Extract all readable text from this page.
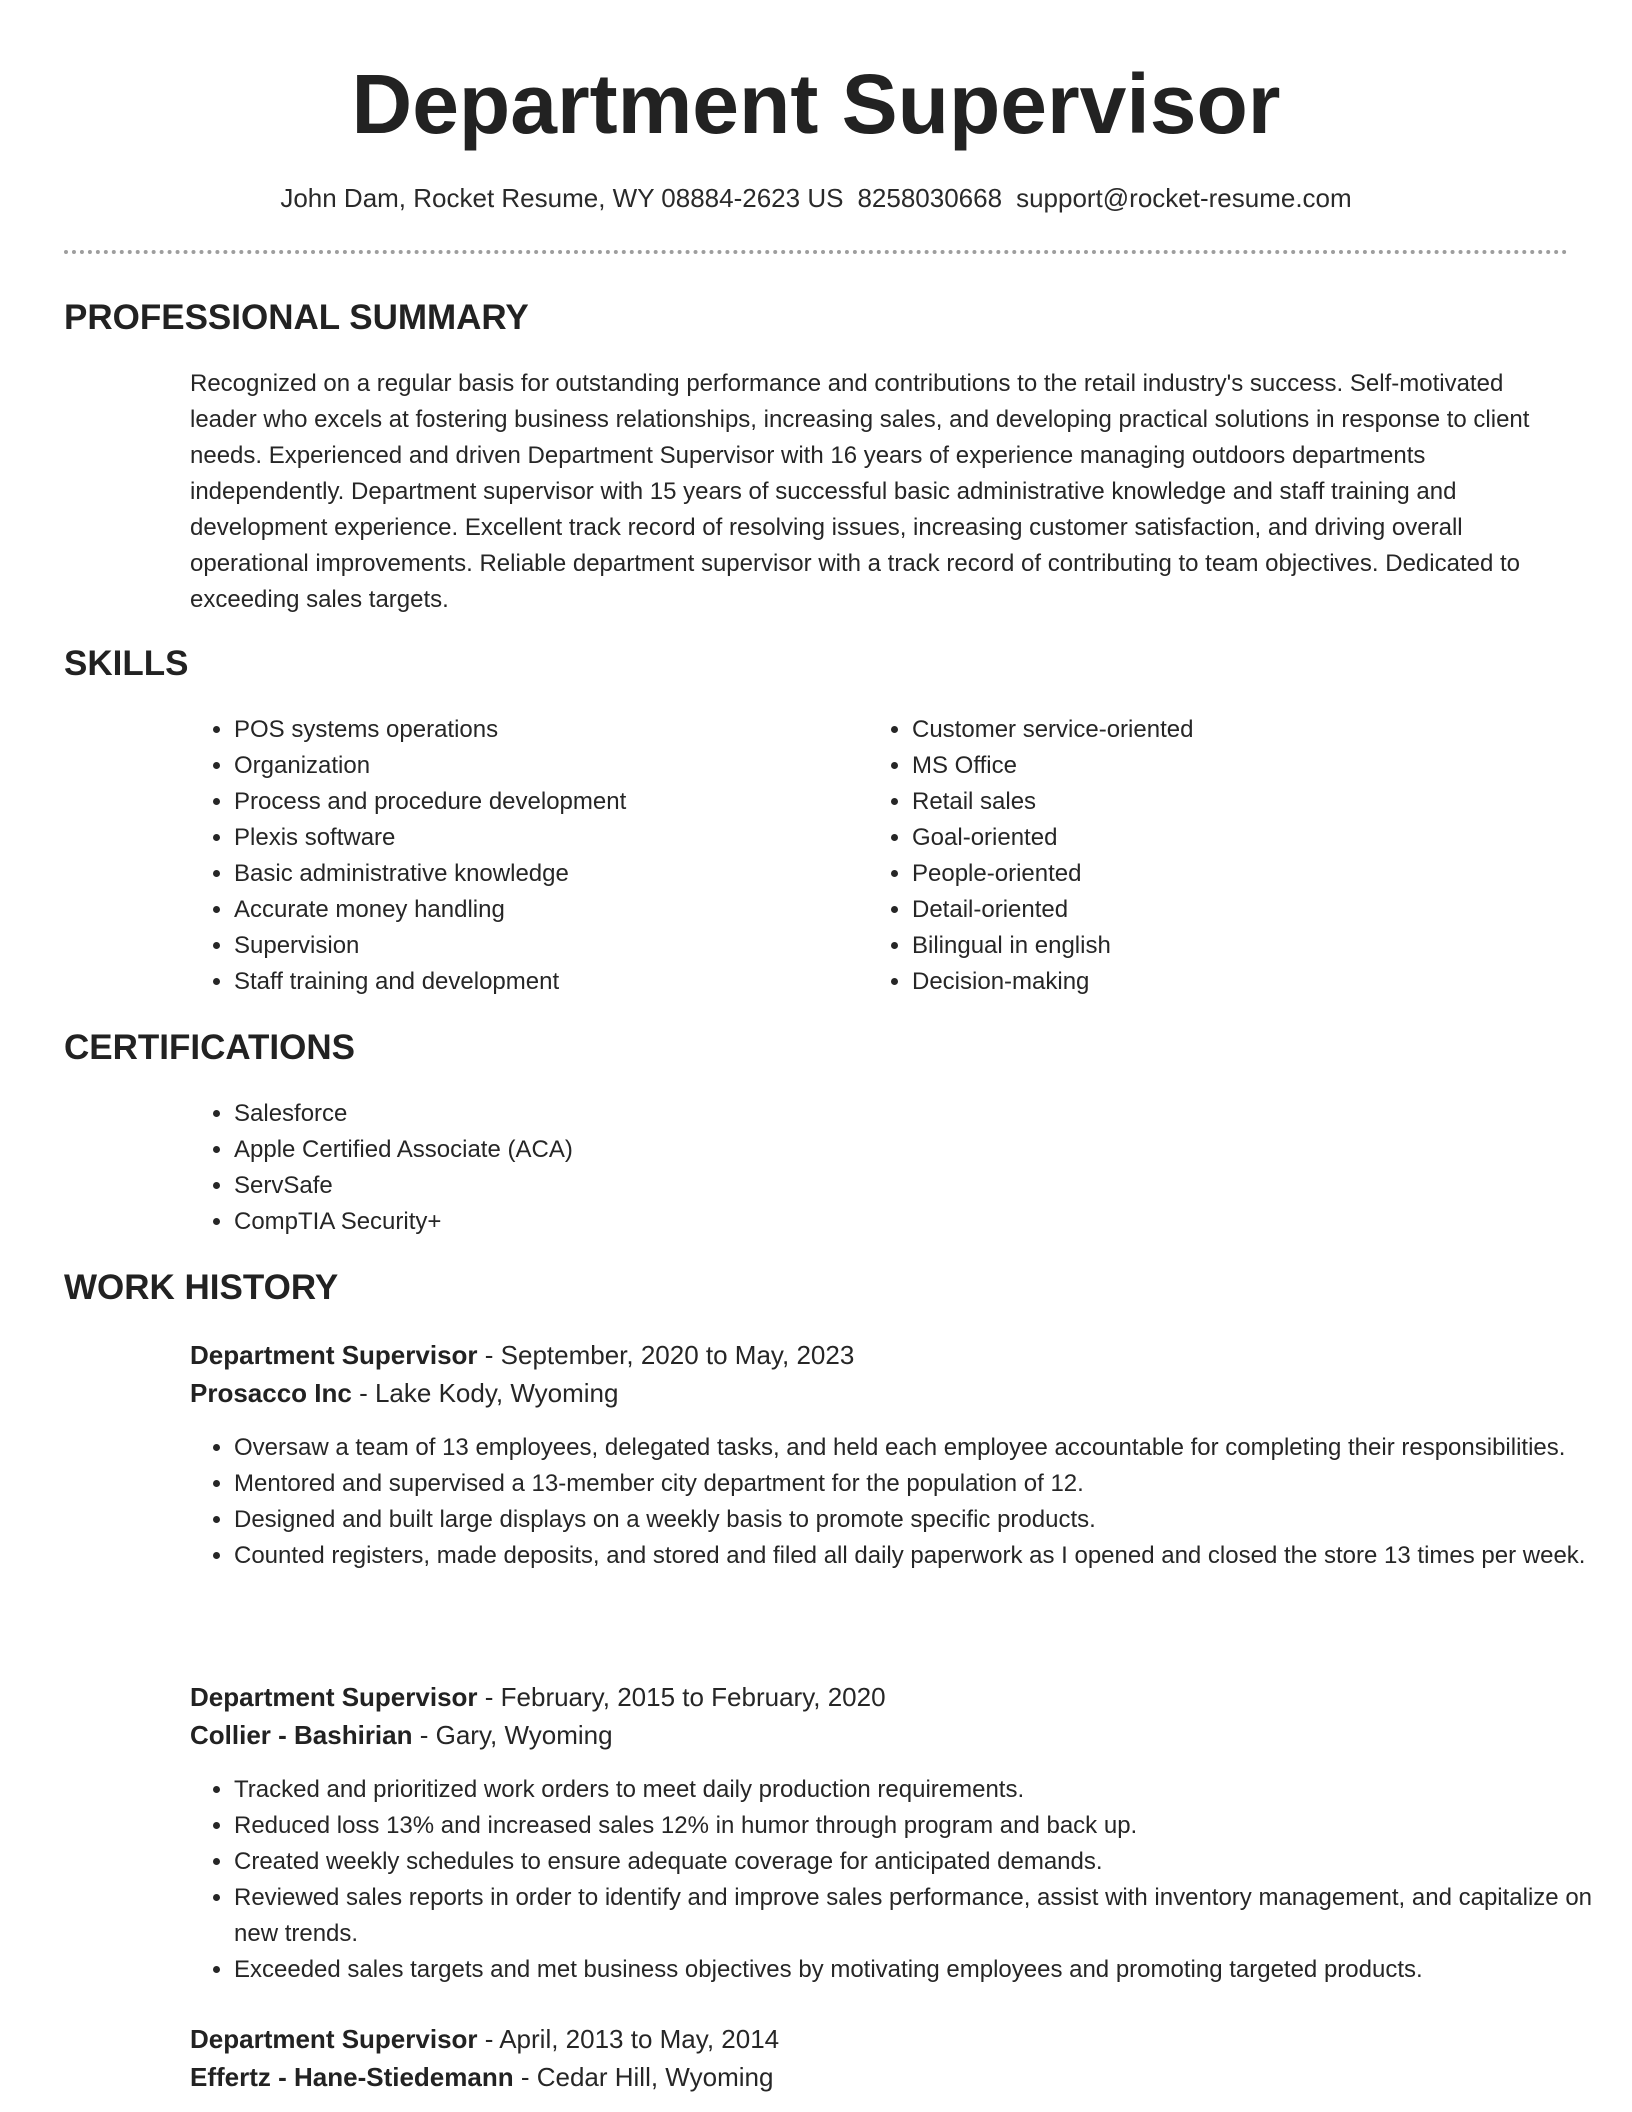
Department Supervisor
John Dam, Rocket Resume, WY 08884-2623 US 8258030668 support@rocket-resume.com
PROFESSIONAL SUMMARY

Recognized on a regular basis for outstanding performance and contributions to the retail industry's success. Self-motivated leader who excels at fostering business relationships, increasing sales, and developing practical solutions in response to client needs. Experienced and driven Department Supervisor with 16 years of experience managing outdoors departments independently. Department supervisor with 15 years of successful basic administrative knowledge and staff training and development experience. Excellent track record of resolving issues, increasing customer satisfaction, and driving overall operational improvements. Reliable department supervisor with a track record of contributing to team objectives. Dedicated to exceeding sales targets.

SKILLS
• POS systems operations
• Organization
• Process and procedure development
• Plexis software
• Basic administrative knowledge
• Accurate money handling
• Supervision
• Staff training and development
• Customer service-oriented
• MS Office
• Retail sales
• Goal-oriented
• People-oriented
• Detail-oriented
• Bilingual in english
• Decision-making
CERTIFICATIONS
• Salesforce
• Apple Certified Associate (ACA)
• ServSafe
• CompTIA Security+
WORK HISTORY
Department Supervisor - September, 2020 to May, 2023
Prosacco Inc - Lake Kody, Wyoming
• Oversaw a team of 13 employees, delegated tasks, and held each employee accountable for completing their responsibilities.
• Mentored and supervised a 13-member city department for the population of 12.
• Designed and built large displays on a weekly basis to promote specific products.
• Counted registers, made deposits, and stored and filed all daily paperwork as I opened and closed the store 13 times per week.
Department Supervisor - February, 2015 to February, 2020
Collier - Bashirian - Gary, Wyoming
• Tracked and prioritized work orders to meet daily production requirements.
• Reduced loss 13% and increased sales 12% in humor through program and back up.
• Created weekly schedules to ensure adequate coverage for anticipated demands.
• Reviewed sales reports in order to identify and improve sales performance, assist with inventory management, and capitalize on new trends.
• Exceeded sales targets and met business objectives by motivating employees and promoting targeted products.
Department Supervisor - April, 2013 to May, 2014
Effertz - Hane-Stiedemann - Cedar Hill, Wyoming
